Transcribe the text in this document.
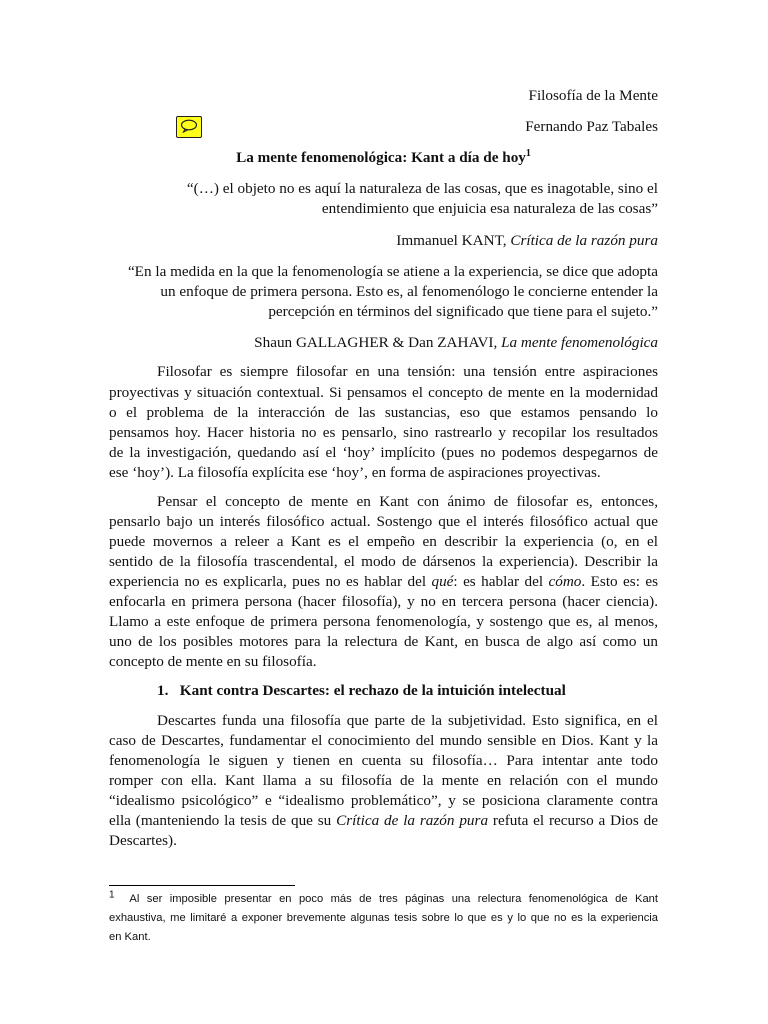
Filosofía de la Mente

Fernando Paz Tabales

La mente fenomenológica: Kant a día de hoy$^1$

“(…) el objeto no es aquí la naturaleza de las cosas, que es inagotable, sino el

entendimiento que enjuicia esa naturaleza de las cosas”

Immanuel KANT, Crítica de la razón pura

“En la medida en la que la fenomenología se atiene a la experiencia, se dice que adopta

un enfoque de primera persona. Esto es, al fenomenólogo le concierne entender la

percepción en términos del significado que tiene para el sujeto.”

Shaun GALLAGHER & Dan ZAHAVI, La mente fenomenológica

Filosofar es siempre filosofar en una tensión: una tensión entre aspiraciones

proyectivas y situación contextual. Si pensamos el concepto de mente en la modernidad

o el problema de la interacción de las sustancias, eso que estamos pensando lo

pensamos hoy. Hacer historia no es pensarlo, sino rastrearlo y recopilar los resultados

de la investigación, quedando así el ‘hoy’ implícito (pues no podemos despegarnos de

ese ‘hoy’). La filosofía explícita ese ‘hoy’, en forma de aspiraciones proyectivas.

Pensar el concepto de mente en Kant con ánimo de filosofar es, entonces,

pensarlo bajo un interés filosófico actual. Sostengo que el interés filosófico actual que

puede movernos a releer a Kant es el empeño en describir la experiencia (o, en el

sentido de la filosofía trascendental, el modo de dársenos la experiencia). Describir la

experiencia no es explicarla, pues no es hablar del qué: es hablar del cómo. Esto es: es

enfocarla en primera persona (hacer filosofía), y no en tercera persona (hacer ciencia).

Llamo a este enfoque de primera persona fenomenología, y sostengo que es, al menos,

uno de los posibles motores para la relectura de Kant, en busca de algo así como un

concepto de mente en su filosofía.

1. Kant contra Descartes: el rechazo de la intuición intelectual

Descartes funda una filosofía que parte de la subjetividad. Esto significa, en el

caso de Descartes, fundamentar el conocimiento del mundo sensible en Dios. Kant y la

fenomenología le siguen y tienen en cuenta su filosofía… Para intentar ante todo

romper con ella. Kant llama a su filosofía de la mente en relación con el mundo

“idealismo psicológico” e “idealismo problemático”, y se posiciona claramente contra

ella (manteniendo la tesis de que su Crítica de la razón pura refuta el recurso a Dios de

Descartes).

1 Al ser imposible presentar en poco más de tres páginas una relectura fenomenológica de Kant

exhaustiva, me limitaré a exponer brevemente algunas tesis sobre lo que es y lo que no es la experiencia

en Kant.
